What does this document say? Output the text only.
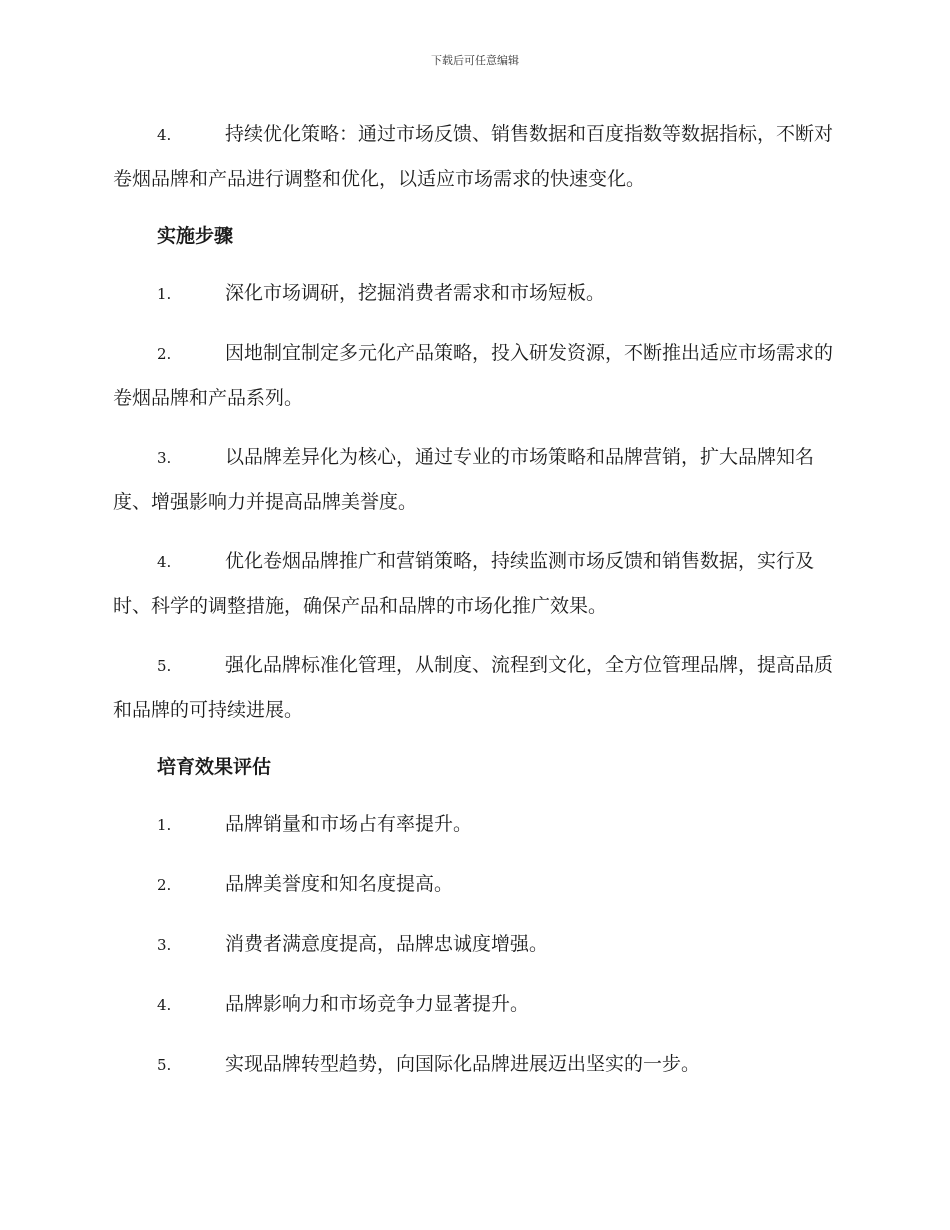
下载后可任意编辑

4.	持续优化策略：通过市场反馈、销售数据和百度指数等数据指标，不断对卷烟品牌和产品进行调整和优化，以适应市场需求的快速变化。

实施步骤

1.	深化市场调研，挖掘消费者需求和市场短板。

2.	因地制宜制定多元化产品策略，投入研发资源，不断推出适应市场需求的卷烟品牌和产品系列。

3.	以品牌差异化为核心，通过专业的市场策略和品牌营销，扩大品牌知名度、增强影响力并提高品牌美誉度。

4.	优化卷烟品牌推广和营销策略，持续监测市场反馈和销售数据，实行及时、科学的调整措施，确保产品和品牌的市场化推广效果。

5.	强化品牌标准化管理，从制度、流程到文化，全方位管理品牌，提高品质和品牌的可持续进展。

培育效果评估

1.	品牌销量和市场占有率提升。

2.	品牌美誉度和知名度提高。

3.	消费者满意度提高，品牌忠诚度增强。

4.	品牌影响力和市场竞争力显著提升。

5.	实现品牌转型趋势，向国际化品牌进展迈出坚实的一步。
